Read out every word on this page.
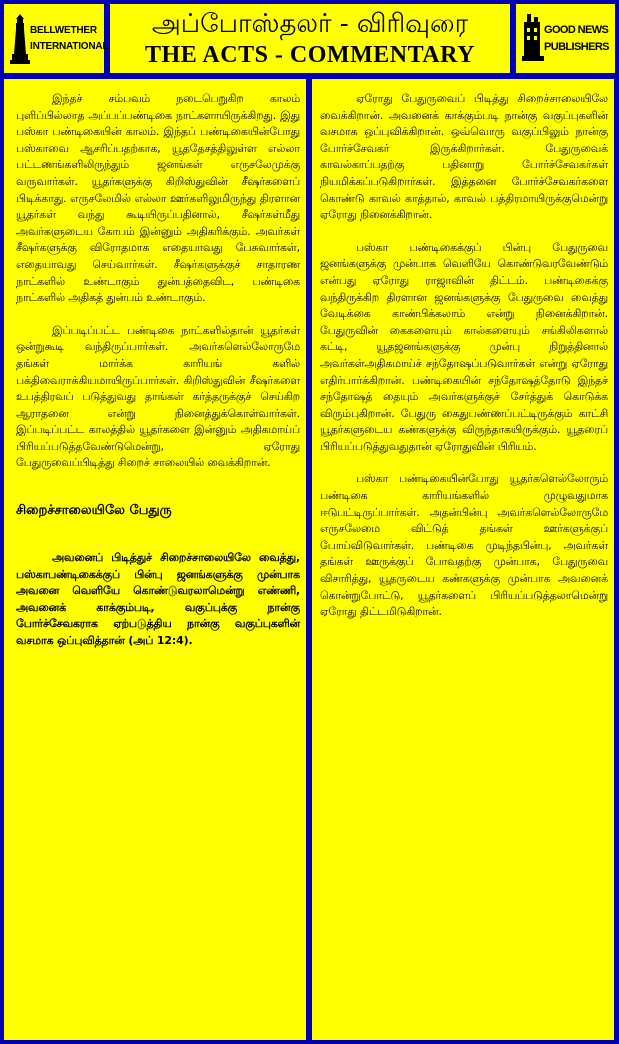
BELLWETHER
INTERNATIONAL
அப்போஸ்தலர் - விரிவுரை
THE ACTS - COMMENTARY
GOOD NEWS
PUBLISHERS

இந்தச் சம்பவம் நடைபெறுகிற காலம் புளிப்பில்லாத அப்பப்பண்டிகை நாட்களாயிருக்கிறது. இது பஸ்கா பண்டிகையின் காலம். இந்தப் பண்டிகையின்போது பஸ்காவை ஆசரிப்பதற்காக, யூததேசத்திலுள்ள எல்லா பட்டணங்களிலிருந்தும் ஜனங்கள் எருசலேமுக்கு வருவார்கள். யூதர்களுக்கு கிறிஸ்துவின் சீஷர்களைப் பிடிக்காது. எருசலேமில் எல்லா ஊர்களிலுமிருந்து திரளான யூதர்கள் வந்து கூடியிருப்பதினால், சீஷர்கள்மீது அவர்களுடைய கோபம் இன்னும் அதிகரிக்கும். அவர்கள் சீஷர்களுக்கு விரோதமாக எதையாவது பேசுவார்கள், எதையாவது செய்வார்கள். சீஷர்களுக்குச் சாதாரண நாட்களில் உண்டாகும் துன்பத்தைவிட, பண்டிகை நாட்களில் அதிகத் துன்பம் உண்டாகும்.

இப்படிப்பட்ட பண்டிகை நாட்களில்தான் யூதர்கள் ஒன்றுகூடி வந்திருப்பார்கள். அவர்களெல்லோருமே தங்கள் மார்க்க காரியங் களில் பக்திவைராக்கியமாயிருப்பார்கள். கிறிஸ்துவின் சீஷர்களை உபத்திரவப் படுத்துவது தாங்கள் கர்த்தருக்குச் செய்கிற ஆராதனை என்று நினைத்துக்கொள்வார்கள். இப்படிப்பட்ட காலத்தில் யூதர்களை இன்னும் அதிகமாய்ப் பிரியப்படுத்தவேண்டுமென்று, ஏரோது பேதுருவைப்பிடித்து சிறைச் சாலையில் வைக்கிறான்.

சிறைச்சாலையிலே பேதுரு

அவனைப் பிடித்துச் சிறைச்சாலையிலே வைத்து, பஸ்காபண்டிகைக்குப் பின்பு ஜனங்களுக்கு முன்பாக அவனை வெளியே கொண்டுவரலாமென்று எண்ணி, அவனைக் காக்கும்படி, வகுப்புக்கு நான்கு போர்ச்சேவகராக ஏற்படுத்திய நான்கு வகுப்புகளின் வசமாக ஒப்புவித்தான் (அப் 12:4).

ஏரோது பேதுருவைப் பிடித்து சிறைச்சாலையிலே வைக்கிறான். அவனைக் காக்கும்படி நான்கு வகுப்புகளின் வசமாக ஒப்புவிக்கிறான். ஒவ்வொரு வகுப்பிலும் நான்கு போர்ச்சேவகர் இருக்கிறார்கள். பேதுருவைக் காவல்காப்பதற்கு பதினாறு போர்ச்சேவகர்கள் நியமிக்கப்படுகிறார்கள். இத்தனை போர்ச்சேவகர்களை கொண்டு காவல் காத்தால், காவல் பத்திரமாயிருக்குமென்று ஏரோது நினைக்கிறான்.

பஸ்கா பண்டிகைக்குப் பின்பு பேதுருவை ஜனங்களுக்கு முன்பாக வெளியே கொண்டுவரவேண்டும் என்பது ஏரோது ராஜாவின் திட்டம். பண்டிகைக்கு வந்திருக்கிற திரளான ஜனங்களுக்கு பேதுருவை வைத்து வேடிக்கை காண்பிக்கலாம் என்று நினைக்கிறான். பேதுருவின் கைகளையும் கால்களையும் சங்கிலிகளால் கட்டி, யூதஜனங்களுக்கு முன்பு நிறுத்தினால் அவர்கள்அதிகமாய்ச் சந்தோஷப்படுவார்கள் என்று ஏரோது எதிர்பார்க்கிறான். பண்டிகையின் சந்தோஷத்தோடு இந்தச் சந்தோஷத் தையும் அவர்களுக்குச் சேர்த்துக் கொடுக்க விரும்புகிறான். பேதுரு கைதுபண்ணப்பட்டிருக்கும் காட்சி யூதர்களுடைய கண்களுக்கு விருந்தாகயிருக்கும். யூதரைப் பிரியப்படுத்துவதுதான் ஏரோதுவின் பிரியம்.

பஸ்கா பண்டிகையின்போது யூதர்களெல்லோரும் பண்டிகை காரியங்களில் முழுவதுமாக ஈடுபட்டிருப்பார்கள். அதன்பின்பு அவர்களெல்லோருமே எருசலேமை விட்டுத் தங்கள் ஊர்களுக்குப் போய்விடுவார்கள். பண்டிகை முடிந்தபின்பு, அவர்கள் தங்கள் ஊருக்குப் போவதற்கு முன்பாக, பேதுருவை விசாரித்து, யூதருடைய கண்களுக்கு முன்பாக அவனைக் கொன்றுபோட்டு, யூதர்களைப் பிரியப்படுத்தலாமென்று ஏரோது திட்டமிடுகிறான்.
